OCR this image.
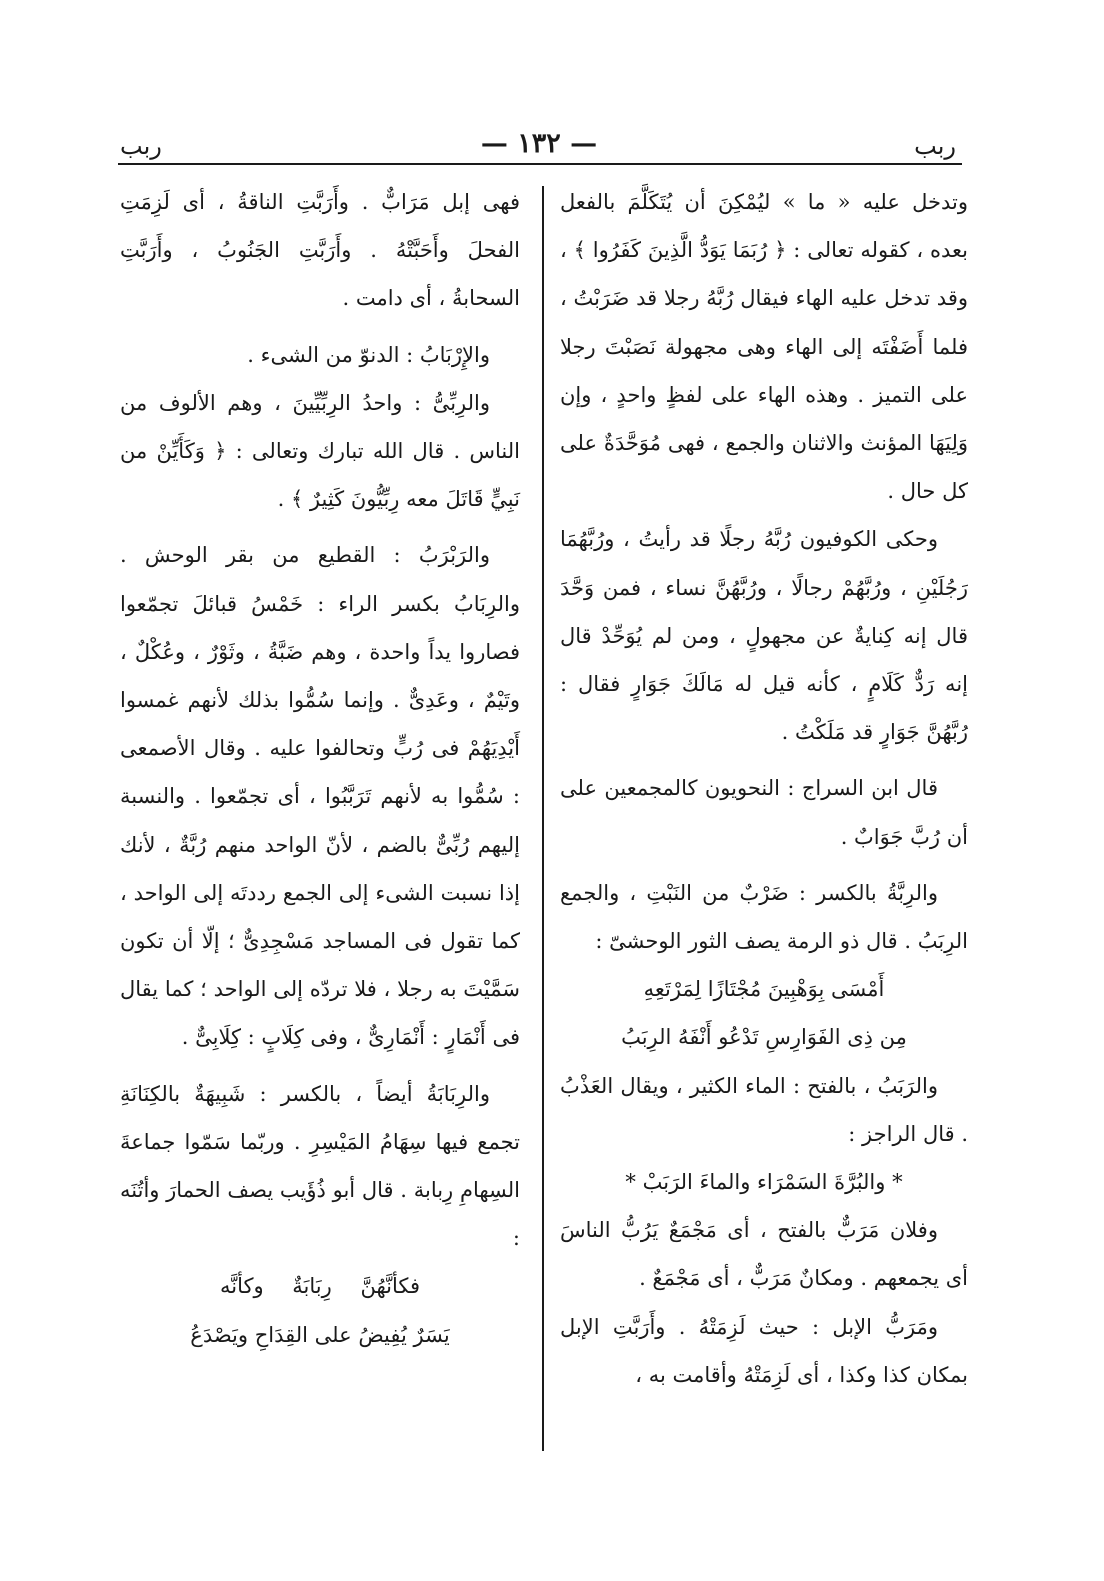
ربب	— ١٣٢ —	ربب

وتدخل عليه « ما » ليُمْكِنَ أن يُتَكَلَّمَ بالفعل بعده ، كقوله تعالى : ﴿ رُبَمَا يَوَدُّ الَّذِينَ كَفَرُوا ﴾ ، وقد تدخل عليه الهاء فيقال رُبَّهُ رجلا قد ضَرَبْتُ ، فلما أَضَفْتَه إلى الهاء وهى مجهولة نَصَبْتَ رجلا على التميز . وهذه الهاء على لفظٍ واحدٍ ، وإن وَلِيَهَا المؤنث والاثنان والجمع ، فهى مُوَحَّدَةٌ على كل حال .

وحكى الكوفيون رُبَّهُ رجلًا قد رأيتُ ، ورُبَّهُمَا رَجُلَيْنِ ، ورُبَّهُمْ رجالًا ، ورُبَّهُنَّ نساء ، فمن وَحَّدَ قال إنه كِنايةٌ عن مجهولٍ ، ومن لم يُوَحِّدْ قال إنه رَدٌّ كَلَامٍ ، كأنه قيل له مَالَكَ جَوَارٍ فقال : رُبَّهُنَّ جَوَارٍ قد مَلَكْتُ .

قال ابن السراج : النحويون كالمجمعين على أن رُبَّ جَوَابٌ .

والرِبَّةُ بالكسر : ضَرْبٌ من النَبْتِ ، والجمع الرِبَبُ . قال ذو الرمة يصف الثور الوحشىّ :

أَمْسَى بِوَهْبِينَ مُجْتَازًا لِمَرْتَعِهِ

مِن ذِى الفَوَارِسِ تَدْعُو أَنْفَهُ الرِبَبُ

والرَبَبُ ، بالفتح : الماء الكثير ، ويقال العَذْبُ . قال الراجز :

* والبُرَّةَ السَمْرَاء والماءَ الرَبَبْ *

وفلان مَرَبٌّ بالفتح ، أى مَجْمَعٌ يَرُبُّ الناسَ أى يجمعهم . ومكانٌ مَرَبٌّ ، أى مَجْمَعٌ .

ومَرَبُّ الإبل : حيث لَزِمَتْهُ . وأَرَبَّتِ الإبل بمكان كذا وكذا ، أى لَزِمَتْهُ وأقامت به ،

فهى إبل مَرَابٌّ . وأَرَبَّتِ الناقةُ ، أى لَزِمَتِ الفحلَ وأَحَبَّتْهُ . وأَرَبَّتِ الجَنُوبُ ، وأَرَبَّتِ السحابةُ ، أى دامت .

والإِرْبَابُ : الدنوّ من الشىء .

والرِبِّىُّ : واحدُ الرِبِّيِّينَ ، وهم الألوف من الناس . قال الله تبارك وتعالى : ﴿ وَكَأَيِّنْ من نَبِيٍّ قَاتَلَ معه رِبِّيُّونَ كَثِيرٌ ﴾ .

والرَبْرَبُ : القطيع من بقر الوحش . والرِبَابُ بكسر الراء : خَمْسُ قبائلَ تجمّعوا فصاروا يداً واحدة ، وهم ضَبَّةُ ، وثَوْرٌ ، وعُكْلٌ ، وتَيْمٌ ، وعَدِىٌّ . وإنما سُمُّوا بذلك لأنهم غمسوا أَيْدِيَهُمْ فى رُبٍّ وتحالفوا عليه . وقال الأصمعى : سُمُّوا به لأنهم تَرَبَّبُوا ، أى تجمّعوا . والنسبة إليهم رُبِّىٌّ بالضم ، لأنّ الواحد منهم رُبَّةٌ ، لأنك إذا نسبت الشىء إلى الجمع رددتَه إلى الواحد ، كما تقول فى المساجد مَسْجِدِىٌّ ؛ إلّا أن تكون سَمَّيْتَ به رجلا ، فلا تردّه إلى الواحد ؛ كما يقال فى أَنْمَارٍ : أَنْمَارِىٌّ ، وفى كِلَابٍ : كِلَابِىٌّ .

والرِبَابَةُ أيضاً ، بالكسر : شَبِيهَةٌ بالكِنَانَةِ تجمع فيها سِهَامُ المَيْسِرِ . وربّما سَمّوا جماعةَ السِهامِ رِبابة . قال أبو ذُؤَيب يصف الحمارَ وأتُنَه :

فكأنَّهُنَّ رِبَابَةٌ وكأنَّه

يَسَرٌ يُفِيضُ على القِدَاحِ ويَصْدَعُ
